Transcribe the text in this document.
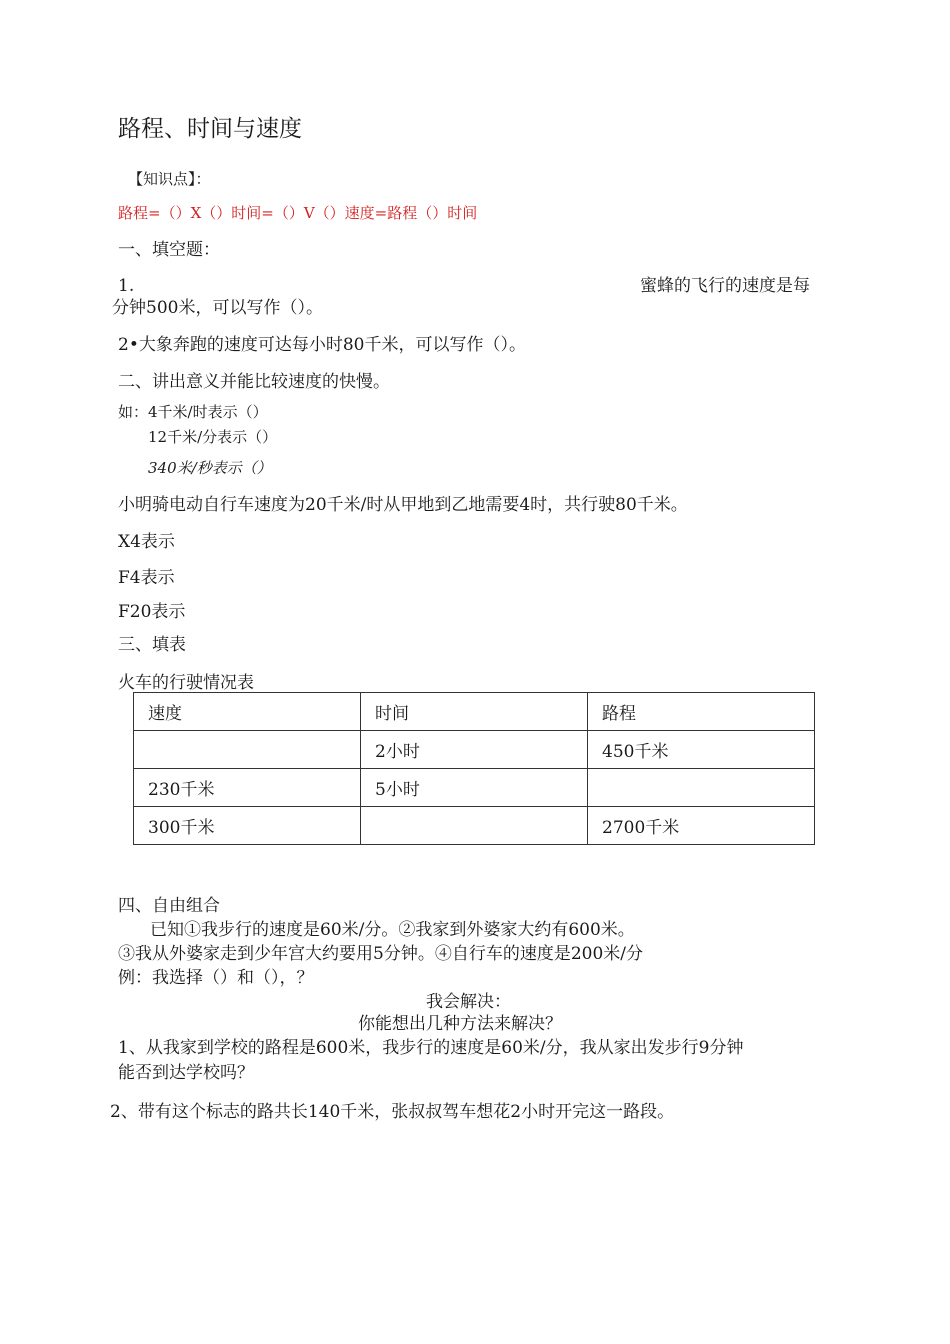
路程、时间与速度
【知识点】：
路程=（）X（）时间=（）V（）速度=路程（）时间
一、填空题：
1.	蜜蜂的飞行的速度是每
分钟500米，可以写作（）。
2•大象奔跑的速度可达每小时80千米，可以写作（）。
二、讲出意义并能比较速度的快慢。
如：4千米/时表示（）
12千米/分表示（）
340米/秒表示（）
小明骑电动自行车速度为20千米/时从甲地到乙地需要4时，共行驶80千米。
X4表示
F4表示
F20表示
三、填表
火车的行驶情况表
速度	时间	路程
	2小时	450千米
230千米	5小时	
300千米		2700千米
四、自由组合
已知①我步行的速度是60米/分。②我家到外婆家大约有600米。
③我从外婆家走到少年宫大约要用5分钟。④自行车的速度是200米/分
例：我选择（）和（），？
我会解决：
你能想出几种方法来解决？
1、从我家到学校的路程是600米，我步行的速度是60米/分，我从家出发步行9分钟
能否到达学校吗？
2、带有这个标志的路共长140千米，张叔叔驾车想花2小时开完这一路段。
